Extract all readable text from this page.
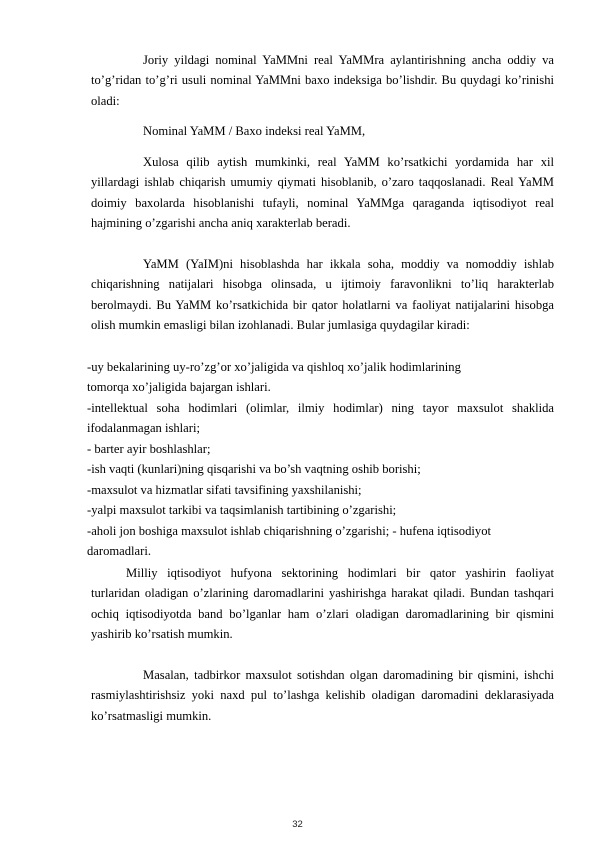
Joriy yildagi nominal YaMMni real YaMMra aylantirishning ancha oddiy va to’g’ridan to’g’ri usuli nominal YaMMni baxo indeksiga bo’lishdir. Bu quydagi ko’rinishi oladi:

Nominal YaMM / Baxo indeksi real YaMM,

Xulosa qilib aytish mumkinki, real YaMM ko’rsatkichi yordamida har xil yillardagi ishlab chiqarish umumiy qiymati hisoblanib, o’zaro taqqoslanadi. Real YaMM doimiy baxolarda hisoblanishi tufayli, nominal YaMMga qaraganda iqtisodiyot real hajmining o’zgarishi ancha aniq xarakterlab beradi.

YaMM (YaIM)ni hisoblashda har ikkala soha, moddiy va nomoddiy ishlab chiqarishning natijalari hisobga olinsada, u ijtimoiy faravonlikni to’liq harakterlab berolmaydi. Bu YaMM ko’rsatkichida bir qator holatlarni va faoliyat natijalarini hisobga olish mumkin emasligi bilan izohlanadi. Bular jumlasiga quydagilar kiradi:

-uy bekalarining uy-ro’zg’or xo’jaligida va qishloq xo’jalik hodimlarining

tomorqa xo’jaligida bajargan ishlari.

-intellektual soha hodimlari (olimlar, ilmiy hodimlar) ning tayor maxsulot shaklida ifodalanmagan ishlari;

- barter ayir boshlashlar;

-ish vaqti (kunlari)ning qisqarishi va bo’sh vaqtning oshib borishi;

-maxsulot va hizmatlar sifati tavsifining yaxshilanishi;

-yalpi maxsulot tarkibi va taqsimlanish tartibining o’zgarishi;

-aholi jon boshiga maxsulot ishlab chiqarishning o’zgarishi; - hufena iqtisodiyot

daromadlari.

Milliy iqtisodiyot hufyona sektorining hodimlari bir qator yashirin faoliyat turlaridan oladigan o’zlarining daromadlarini yashirishga harakat qiladi. Bundan tashqari ochiq iqtisodiyotda band bo’lganlar ham o’zlari oladigan daromadlarining bir qismini yashirib ko’rsatish mumkin.

Masalan, tadbirkor maxsulot sotishdan olgan daromadining bir qismini, ishchi rasmiylashtirishsiz yoki naxd pul to’lashga kelishib oladigan daromadini deklarasiyada ko’rsatmasligi mumkin.

32
